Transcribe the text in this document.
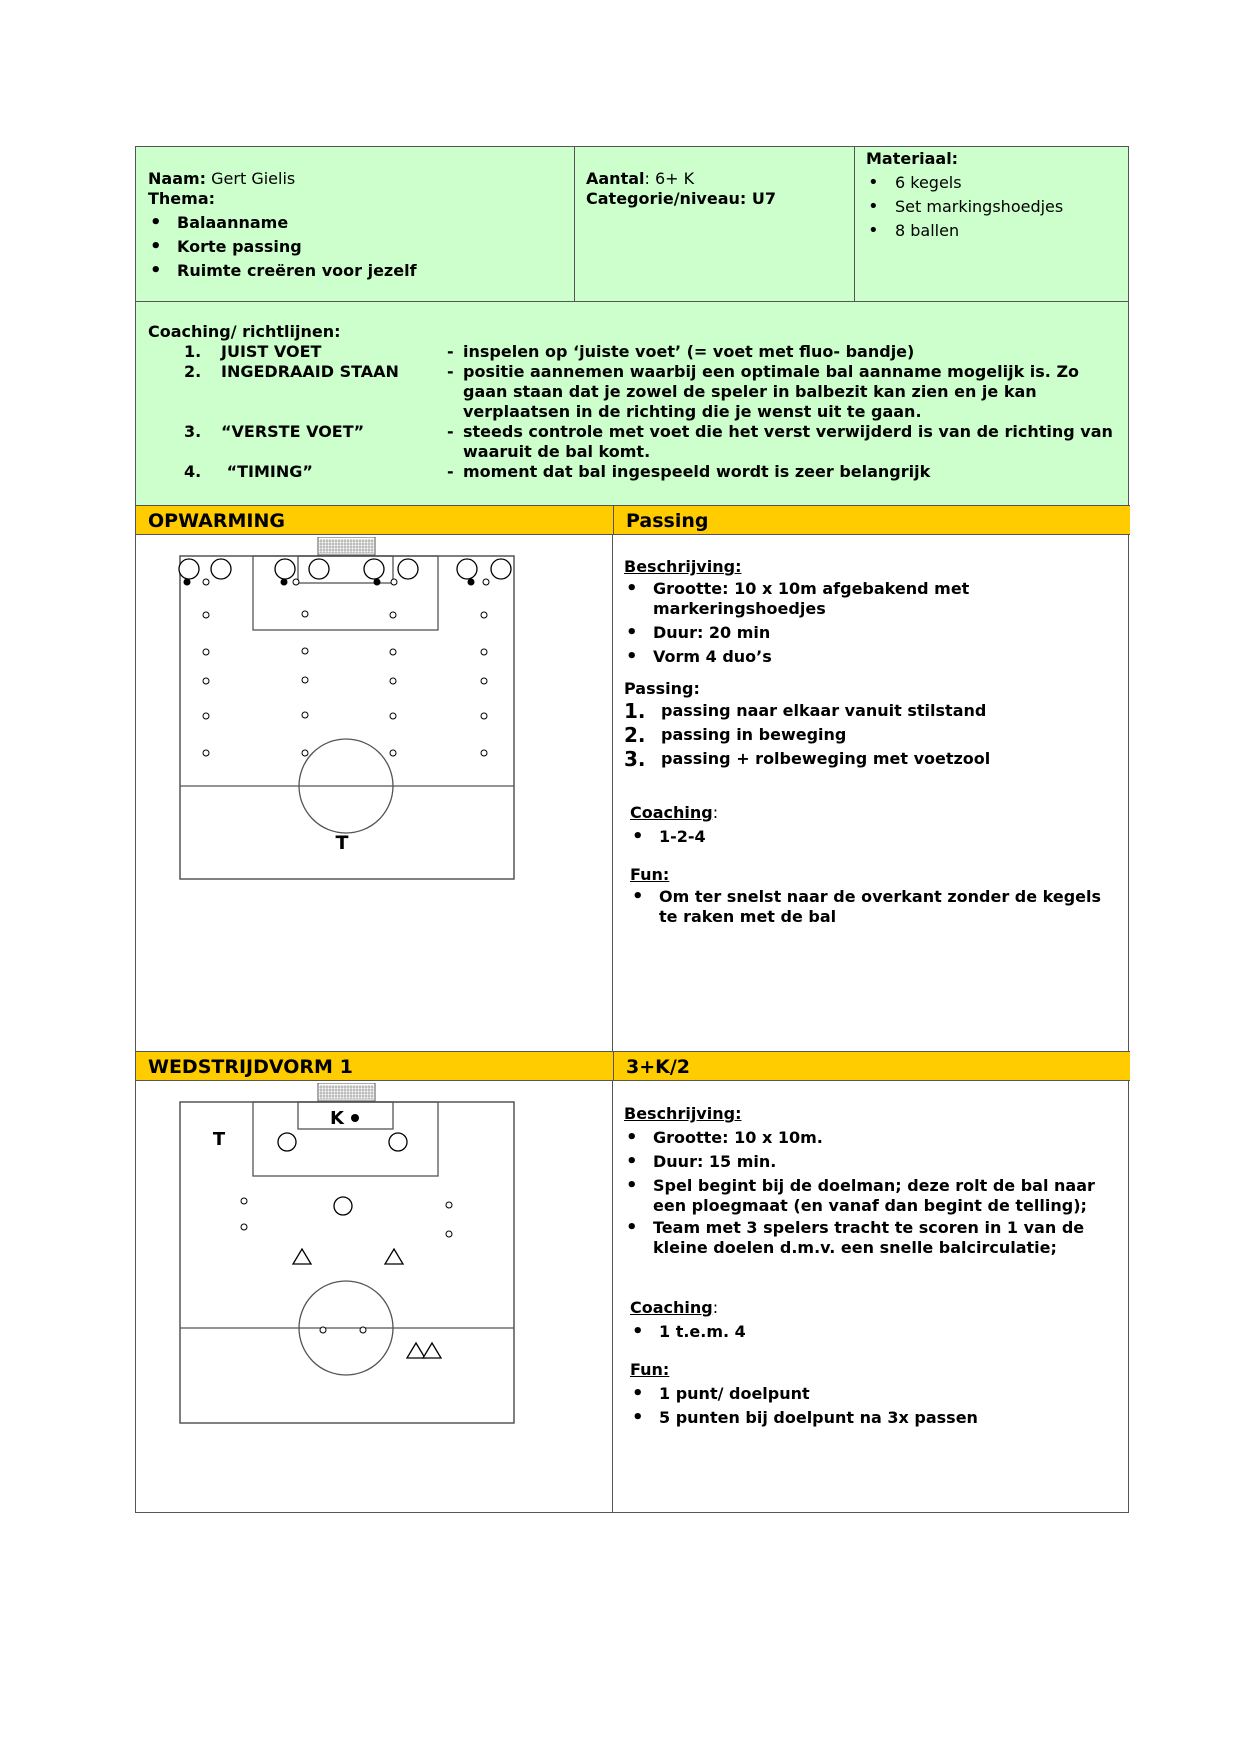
Naam: Gert Gielis
Thema:
• Balaanname
• Korte passing
• Ruimte creëren voor jezelf
Aantal: 6+ K
Categorie/niveau: U7
Materiaal:
• 6 kegels
• Set markingshoedjes
• 8 ballen
Coaching/ richtlijnen:
1. JUIST VOET	- inspelen op ‘juiste voet’ (= voet met fluo- bandje)
2. INGEDRAAID STAAN	- positie aannemen waarbij een optimale bal aanname mogelijk is. Zo gaan staan dat je zowel de speler in balbezit kan zien en je kan verplaatsen in de richting die je wenst uit te gaan.
3. “VERSTE VOET”	- steeds controle met voet die het verst verwijderd is van de richting van waaruit de bal komt.
4. “TIMING”	- moment dat bal ingespeeld wordt is zeer belangrijk
OPWARMING	Passing
T
Beschrijving:
• Grootte: 10 x 10m afgebakend met markeringshoedjes
• Duur: 20 min
• Vorm 4 duo’s
Passing:
1. passing naar elkaar vanuit stilstand
2. passing in beweging
3. passing + rolbeweging met voetzool
Coaching:
• 1-2-4
Fun:
• Om ter snelst naar de overkant zonder de kegels te raken met de bal
WEDSTRIJDVORM 1	3+K/2
K
T
Beschrijving:
• Grootte: 10 x 10m.
• Duur: 15 min.
• Spel begint bij de doelman; deze rolt de bal naar een ploegmaat (en vanaf dan begint de telling);
• Team met 3 spelers tracht te scoren in 1 van de kleine doelen d.m.v. een snelle balcirculatie;
Coaching:
• 1 t.e.m. 4
Fun:
• 1 punt/ doelpunt
• 5 punten bij doelpunt na 3x passen
